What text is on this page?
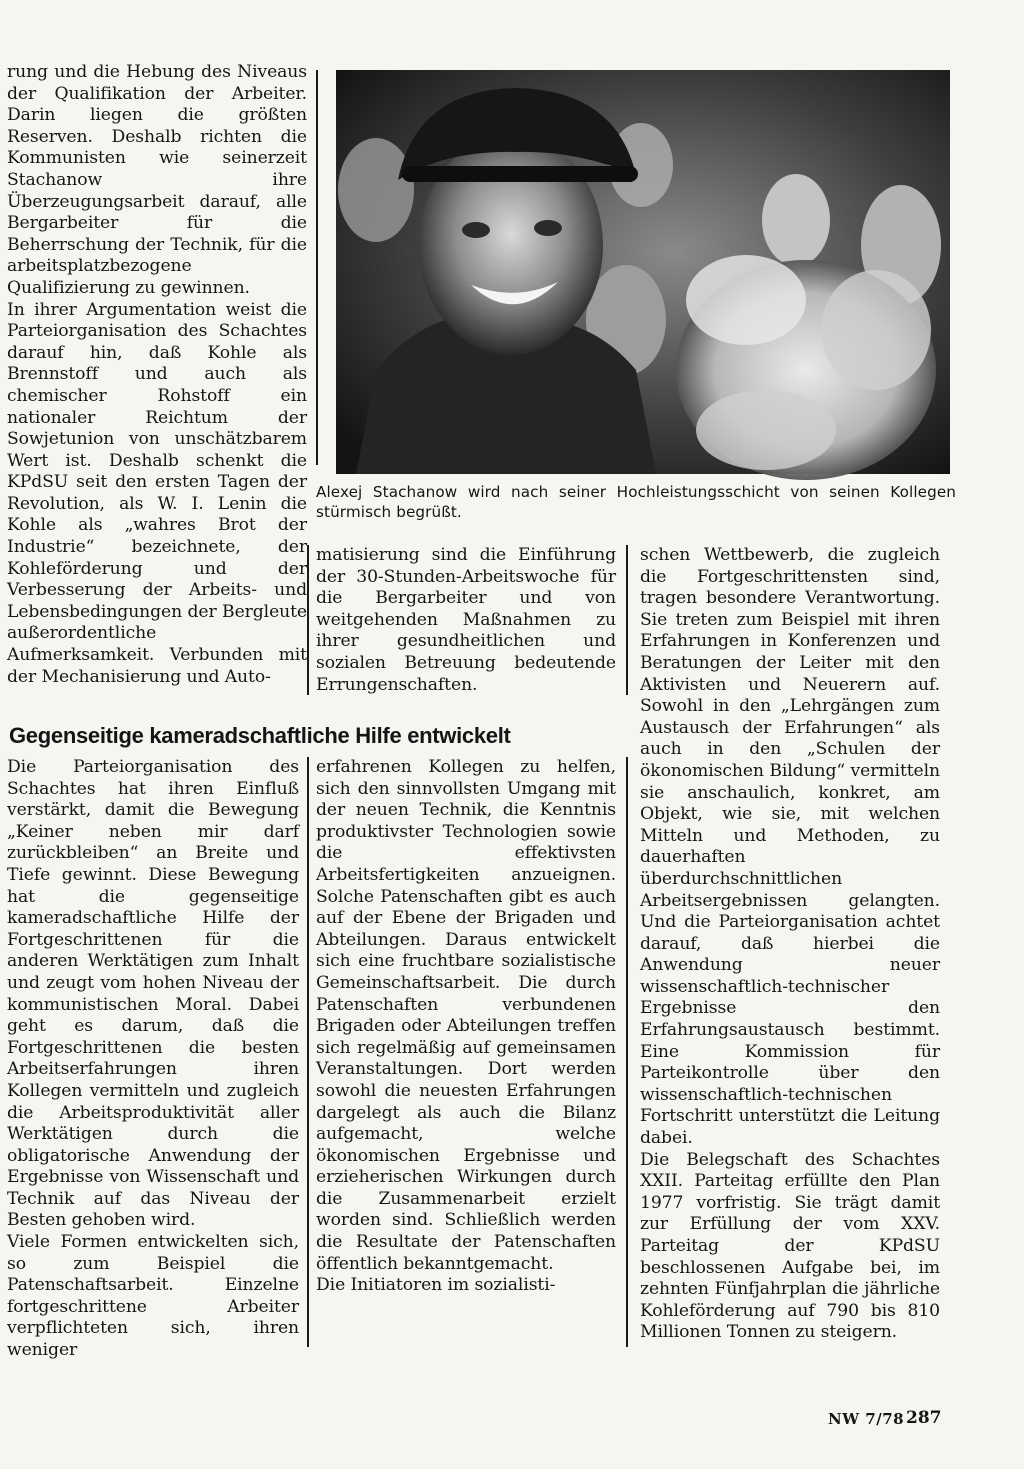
rung und die Hebung des Niveaus der Qualifikation der Arbeiter. Darin liegen die größten Reserven. Deshalb richten die Kommunisten wie seinerzeit Stachanow ihre Überzeugungsarbeit darauf, alle Bergarbeiter für die Beherrschung der Technik, für die arbeitsplatzbezogene Qualifizierung zu gewinnen.

In ihrer Argumentation weist die Parteiorganisation des Schachtes darauf hin, daß Kohle als Brennstoff und auch als chemischer Rohstoff ein nationaler Reichtum der Sowjetunion von unschätzbarem Wert ist. Deshalb schenkt die KPdSU seit den ersten Tagen der Revolution, als W. I. Lenin die Kohle als „wahres Brot der Industrie“ bezeichnete, der Kohleförderung und der Verbesserung der Arbeits- und Lebensbedingungen der Bergleute außerordentliche Aufmerksamkeit. Verbunden mit der Mechanisierung und Auto-

Alexej Stachanow wird nach seiner Hochleistungsschicht von seinen Kollegen stürmisch begrüßt.

matisierung sind die Einführung der 30-Stunden-Arbeitswoche für die Bergarbeiter und von weitgehenden Maßnahmen zu ihrer gesundheitlichen und sozialen Betreuung bedeutende Errungenschaften.

schen Wettbewerb, die zugleich die Fortgeschrittensten sind, tragen besondere Verantwortung. Sie treten zum Beispiel mit ihren Erfahrungen in Konferenzen und Beratungen der Leiter mit den Aktivisten und Neuerern auf. Sowohl in den „Lehrgängen zum Austausch der Erfahrungen“ als auch in den „Schulen der ökonomischen Bildung“ vermitteln sie anschaulich, konkret, am Objekt, wie sie, mit welchen Mitteln und Methoden, zu dauerhaften überdurchschnittlichen Arbeitsergebnissen gelangten. Und die Parteiorganisation achtet darauf, daß hierbei die Anwendung neuer wissenschaftlich-technischer Ergebnisse den Erfahrungsaustausch bestimmt. Eine Kommission für Parteikontrolle über den wissenschaftlich-technischen Fortschritt unterstützt die Leitung dabei.

Die Belegschaft des Schachtes XXII. Parteitag erfüllte den Plan 1977 vorfristig. Sie trägt damit zur Erfüllung der vom XXV. Parteitag der KPdSU beschlossenen Aufgabe bei, im zehnten Fünfjahrplan die jährliche Kohleförderung auf 790 bis 810 Millionen Tonnen zu steigern.

Gegenseitige kameradschaftliche Hilfe entwickelt

Die Parteiorganisation des Schachtes hat ihren Einfluß verstärkt, damit die Bewegung „Keiner neben mir darf zurückbleiben“ an Breite und Tiefe gewinnt. Diese Bewegung hat die gegenseitige kameradschaftliche Hilfe der Fortgeschrittenen für die anderen Werktätigen zum Inhalt und zeugt vom hohen Niveau der kommunistischen Moral. Dabei geht es darum, daß die Fortgeschrittenen die besten Arbeitserfahrungen ihren Kollegen vermitteln und zugleich die Arbeitsproduktivität aller Werktätigen durch die obligatorische Anwendung der Ergebnisse von Wissenschaft und Technik auf das Niveau der Besten gehoben wird.

Viele Formen entwickelten sich, so zum Beispiel die Patenschaftsarbeit. Einzelne fortgeschrittene Arbeiter verpflichteten sich, ihren weniger

erfahrenen Kollegen zu helfen, sich den sinnvollsten Umgang mit der neuen Technik, die Kenntnis produktivster Technologien sowie die effektivsten Arbeitsfertigkeiten anzueignen. Solche Patenschaften gibt es auch auf der Ebene der Brigaden und Abteilungen. Daraus entwickelt sich eine fruchtbare sozialistische Gemeinschaftsarbeit. Die durch Patenschaften verbundenen Brigaden oder Abteilungen treffen sich regelmäßig auf gemeinsamen Veranstaltungen. Dort werden sowohl die neuesten Erfahrungen dargelegt als auch die Bilanz aufgemacht, welche ökonomischen Ergebnisse und erzieherischen Wirkungen durch die Zusammenarbeit erzielt worden sind. Schließlich werden die Resultate der Patenschaften öffentlich bekanntgemacht.

Die Initiatoren im sozialisti-

NW 7/78 287
